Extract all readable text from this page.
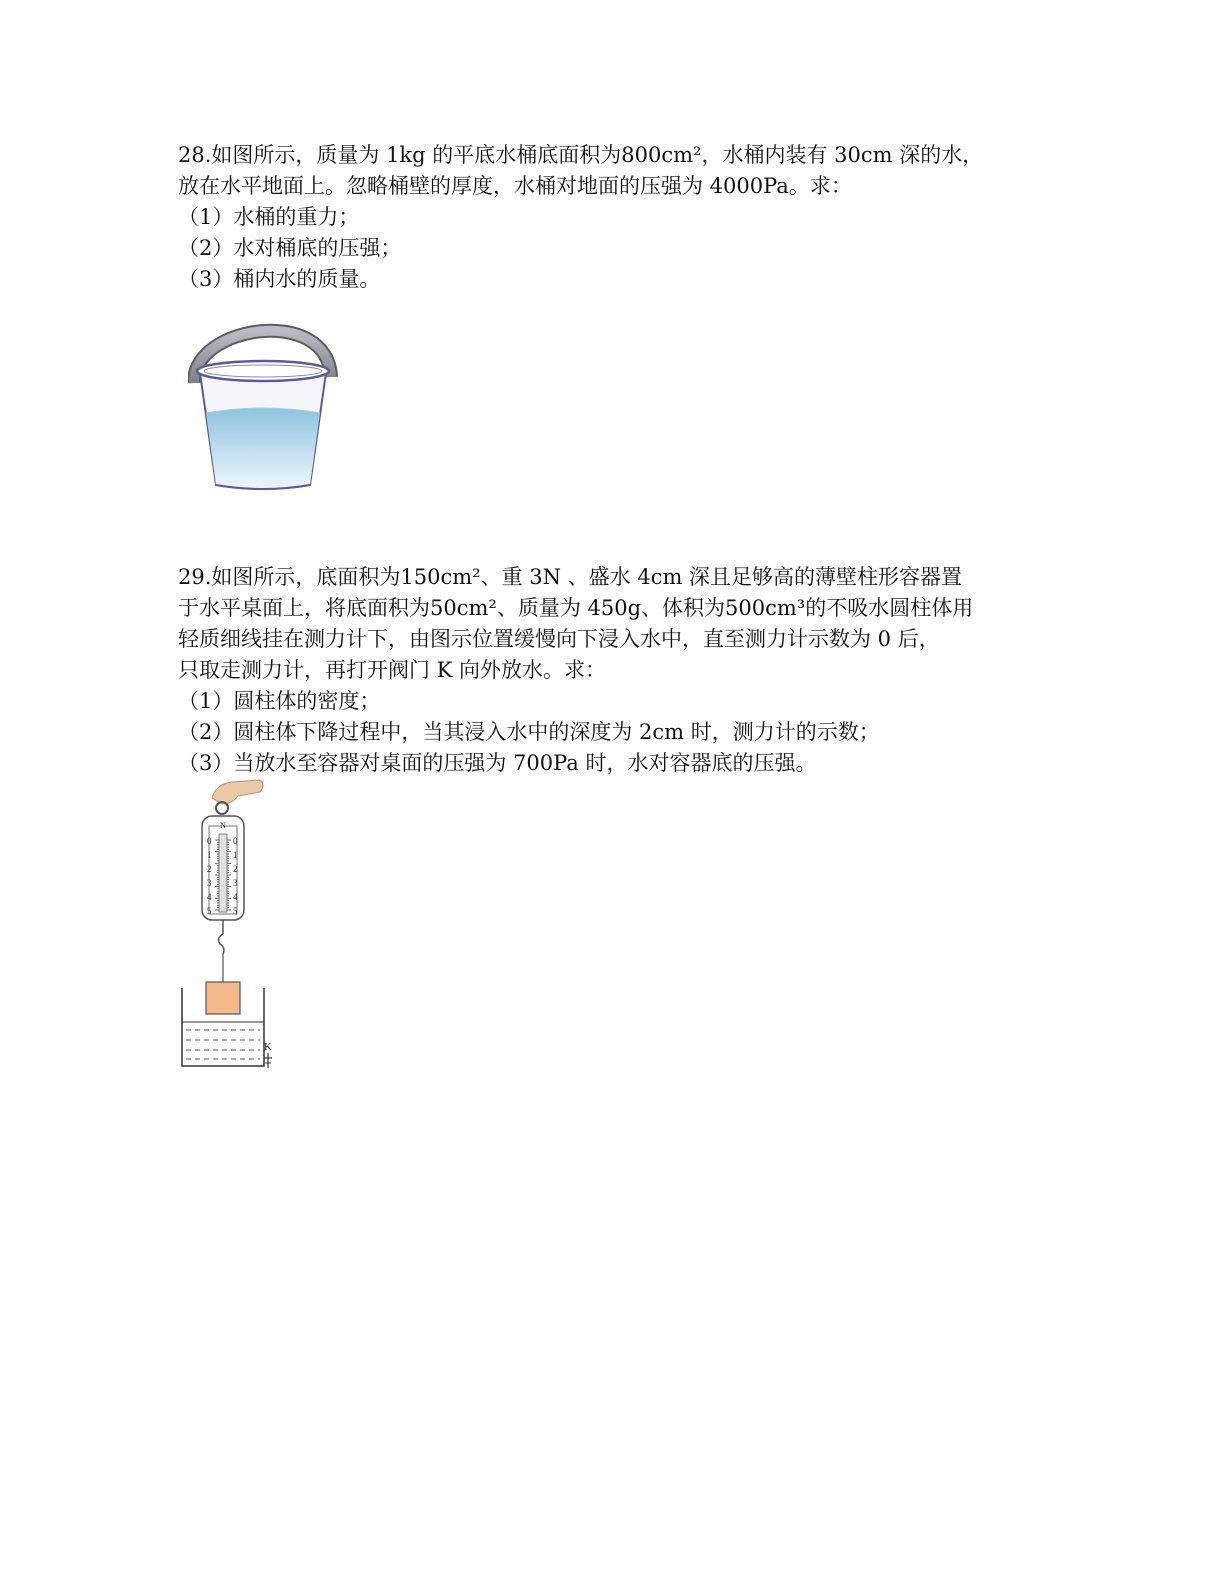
28.如图所示，质量为 1kg 的平底水桶底面积为800cm²，水桶内装有 30cm 深的水，
放在水平地面上。忽略桶壁的厚度，水桶对地面的压强为 4000Pa。求：
（1）水桶的重力；
（2）水对桶底的压强；
（3）桶内水的质量。
29.如图所示，底面积为150cm²、重 3N 、盛水 4cm 深且足够高的薄壁柱形容器置
于水平桌面上，将底面积为50cm²、质量为 450g、体积为500cm³的不吸水圆柱体用
轻质细线挂在测力计下，由图示位置缓慢向下浸入水中，直至测力计示数为 0 后，
只取走测力计，再打开阀门 K 向外放水。求：
（1）圆柱体的密度；
（2）圆柱体下降过程中，当其浸入水中的深度为 2cm 时，测力计的示数；
（3）当放水至容器对桌面的压强为 700Pa 时，水对容器底的压强。
N
0
1
2
3
4
5
0
1
2
3
4
5
K
